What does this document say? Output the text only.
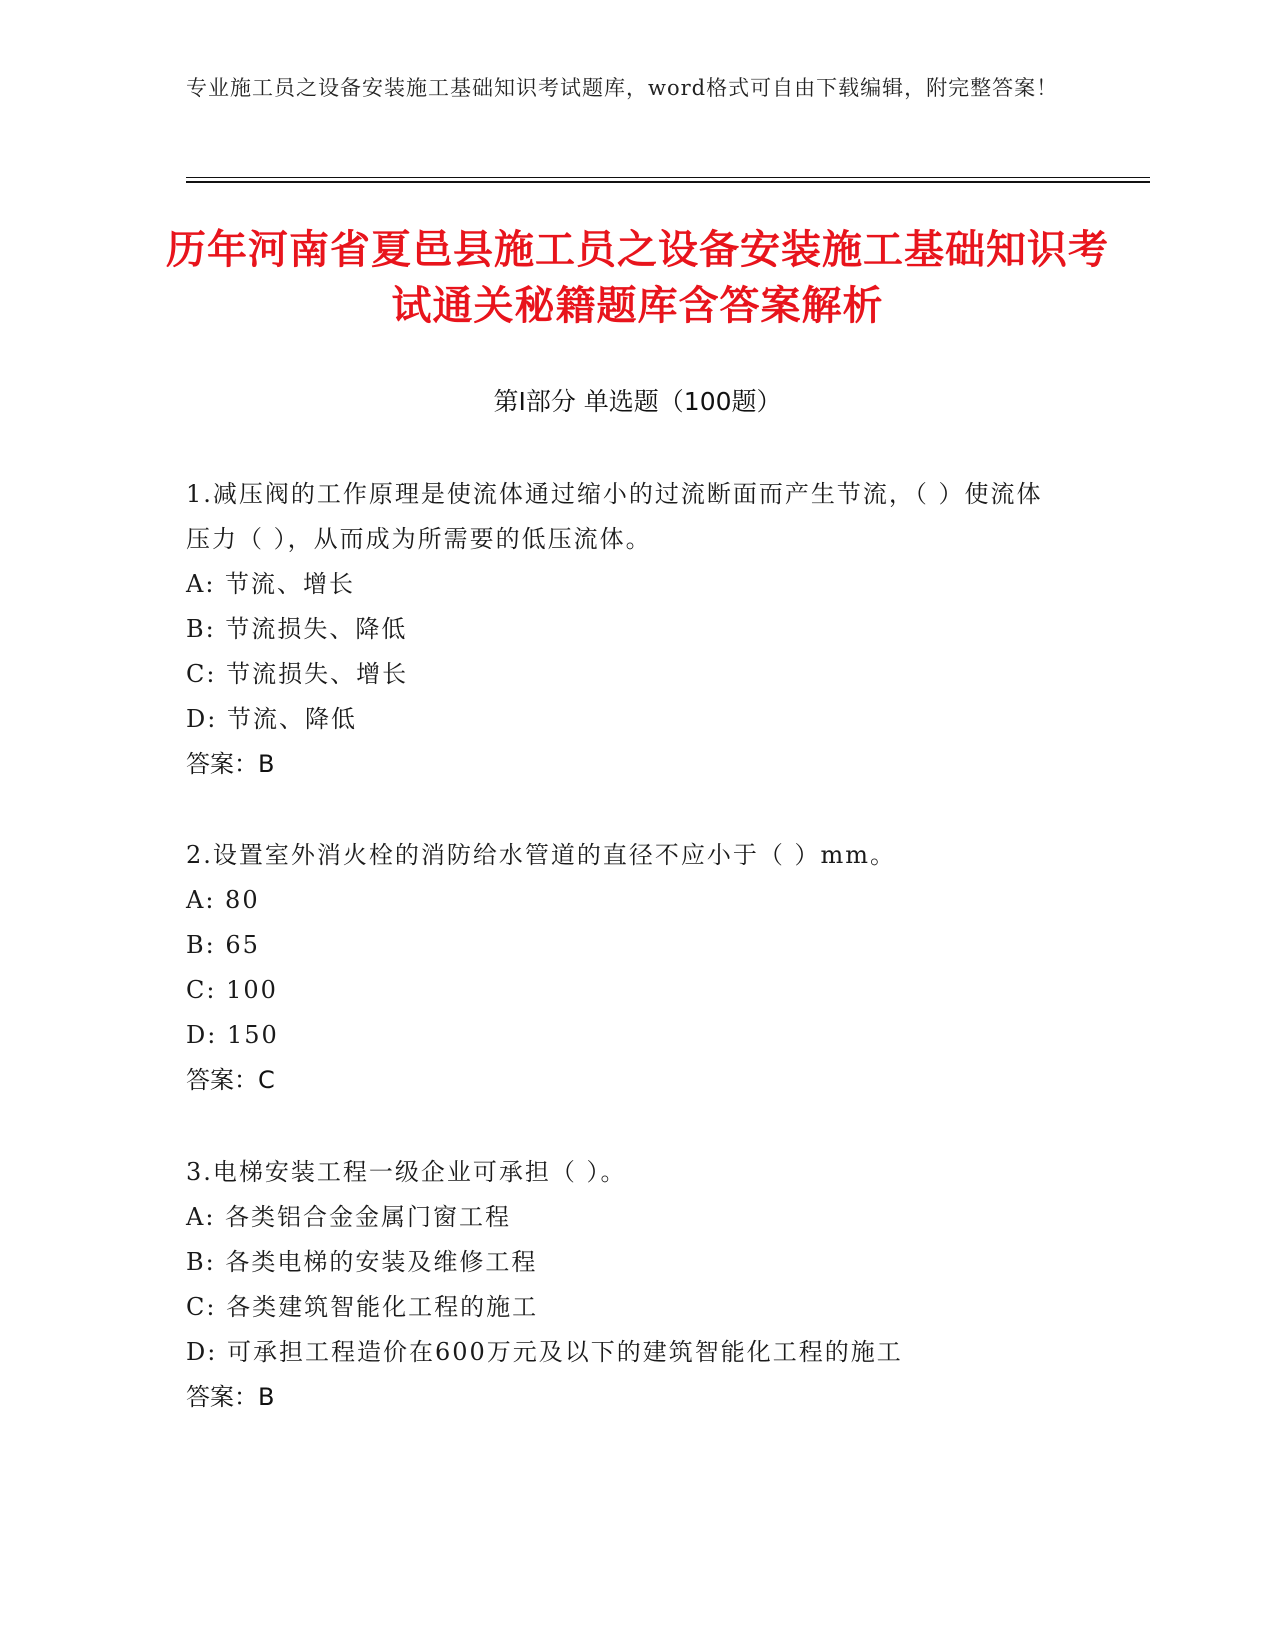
专业施工员之设备安装施工基础知识考试题库，word格式可自由下载编辑，附完整答案！
历年河南省夏邑县施工员之设备安装施工基础知识考试通关秘籍题库含答案解析
第I部分 单选题（100题）

1.减压阀的工作原理是使流体通过缩小的过流断面而产生节流，（ ）使流体压力（ ），从而成为所需要的低压流体。

A: 节流、增长

B: 节流损失、降低

C: 节流损失、增长

D: 节流、降低

答案：B

2.设置室外消火栓的消防给水管道的直径不应小于（ ）mm。

A: 80

B: 65

C: 100

D: 150

答案：C

3.电梯安装工程一级企业可承担（ ）。

A: 各类铝合金金属门窗工程

B: 各类电梯的安装及维修工程

C: 各类建筑智能化工程的施工

D: 可承担工程造价在600万元及以下的建筑智能化工程的施工

答案：B
